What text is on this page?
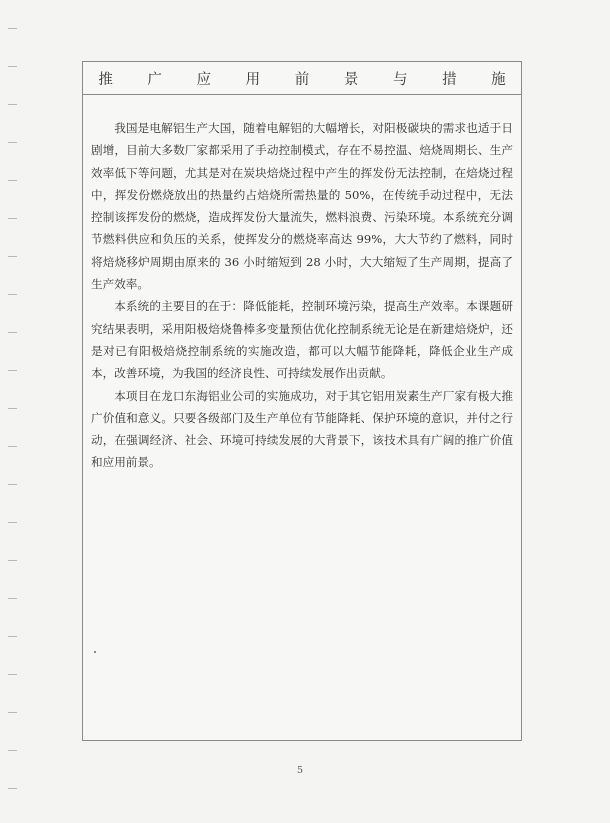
推 广 应 用 前 景 与 措 施

我国是电解铝生产大国，随着电解铝的大幅增长，对阳极碳块的需求也适于日剧增，目前大多数厂家都采用了手动控制模式，存在不易控温、焙烧周期长、生产效率低下等问题，尤其是对在炭块焙烧过程中产生的挥发份无法控制，在焙烧过程中，挥发份燃烧放出的热量约占焙烧所需热量的 50%，在传统手动过程中，无法控制该挥发份的燃烧，造成挥发份大量流失，燃料浪费、污染环境。本系统充分调节燃料供应和负压的关系，使挥发分的燃烧率高达 99%，大大节约了燃料，同时将焙烧移炉周期由原来的 36 小时缩短到 28 小时，大大缩短了生产周期，提高了生产效率。

本系统的主要目的在于：降低能耗，控制环境污染，提高生产效率。本课题研究结果表明，采用阳极焙烧鲁棒多变量预估优化控制系统无论是在新建焙烧炉，还是对已有阳极焙烧控制系统的实施改造，都可以大幅节能降耗，降低企业生产成本，改善环境，为我国的经济良性、可持续发展作出贡献。

本项目在龙口东海铝业公司的实施成功，对于其它铝用炭素生产厂家有极大推广价值和意义。只要各级部门及生产单位有节能降耗、保护环境的意识，并付之行动，在强调经济、社会、环境可持续发展的大背景下，该技术具有广阔的推广价值和应用前景。

5
